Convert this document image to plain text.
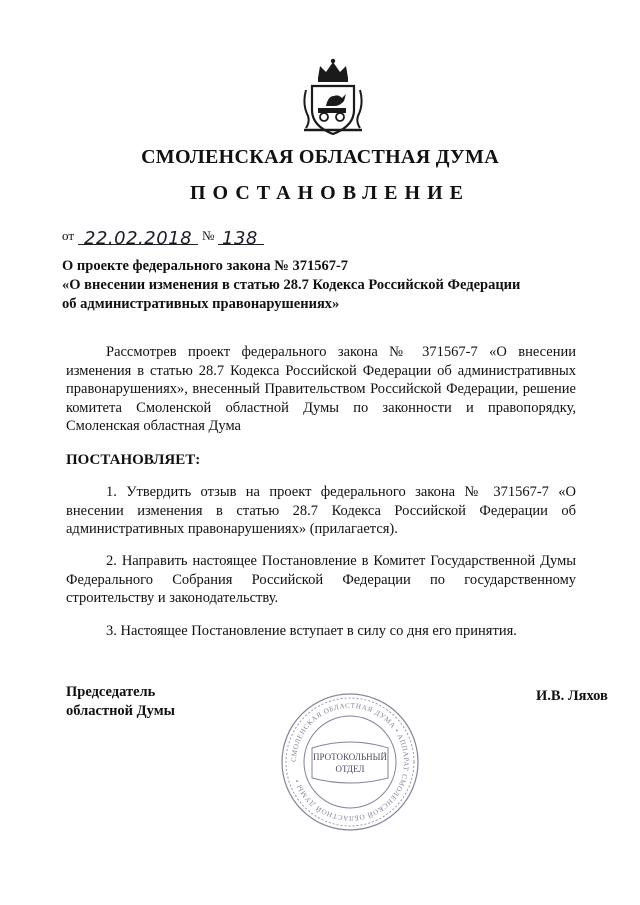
СМОЛЕНСКАЯ ОБЛАСТНАЯ ДУМА
ПОСТАНОВЛЕНИЕ
от 22.02.2018 № 138
О проекте федерального закона № 371567-7
«О внесении изменения в статью 28.7 Кодекса Российской Федерации
об административных правонарушениях»
Рассмотрев проект федерального закона № 371567-7 «О внесении изменения в статью 28.7 Кодекса Российской Федерации об административных правонарушениях», внесенный Правительством Российской Федерации, решение комитета Смоленской областной Думы по законности и правопорядку, Смоленская областная Дума
ПОСТАНОВЛЯЕТ:
1. Утвердить отзыв на проект федерального закона № 371567-7 «О внесении изменения в статью 28.7 Кодекса Российской Федерации об административных правонарушениях» (прилагается).
2. Направить настоящее Постановление в Комитет Государственной Думы Федерального Собрания Российской Федерации по государственному строительству и законодательству.
3. Настоящее Постановление вступает в силу со дня его принятия.
Председатель
областной Думы
И.В. Ляхов
СМОЛЕНСКАЯ ОБЛАСТНАЯ ДУМА • АППАРАТ СМОЛЕНСКОЙ ОБЛАСТНОЙ ДУМЫ •
ПРОТОКОЛЬНЫЙ
ОТДЕЛ
